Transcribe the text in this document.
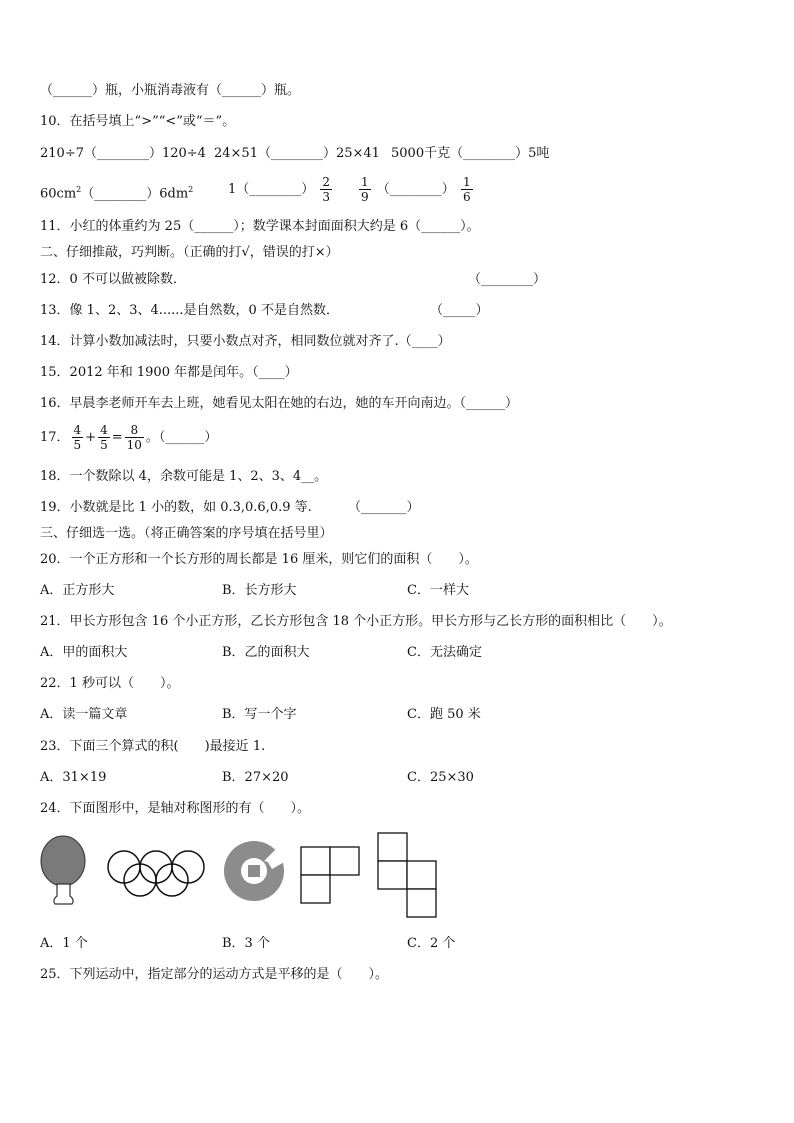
（______）瓶，小瓶消毒液有（______）瓶。
10．在括号填上“>”“<”或“＝”。
210÷7（________）120÷4 24×51（________）25×41 5000千克（________）5吨
$60cm^2(\_\_\_\_\_\_\_\_)6dm^2$	1（________） $\frac{2}{3} \frac{1}{9}$ （________） $\frac{1}{6}$
11．小红的体重约为 25（______）；数学课本封面面积大约是 6（______）。
二、仔细推敲，巧判断。（正确的打√，错误的打×）
12．0 不可以做被除数．	（________）
13．像 1、2、3、4......是自然数，0 不是自然数．	（_____）
14．计算小数加减法时，只要小数点对齐，相同数位就对齐了.（____）
15．2012 年和 1900 年都是闰年。（____）
16．早晨李老师开车去上班，她看见太阳在她的右边，她的车开向南边。（______）
17． $\frac{4}{5} + \frac{4}{5} = \frac{8}{10}$ 。（______）
18．一个数除以 4，余数可能是 1、2、3、4__。
19．小数就是比 1 小的数，如 0.3,0.6,0.9 等.	（_______）
三、仔细选一选。（将正确答案的序号填在括号里）
20．一个正方形和一个长方形的周长都是 16 厘米，则它们的面积（　　）。
A．正方形大	B．长方形大	C．一样大
21．甲长方形包含 16 个小正方形，乙长方形包含 18 个小正方形。甲长方形与乙长方形的面积相比（　　）。
A．甲的面积大	B．乙的面积大	C．无法确定
22．1 秒可以（　　）。
A．读一篇文章	B．写一个字	C．跑 50 米
23．下面三个算式的积(　　)最接近 1.
A．31×19	B．27×20	C．25×30
24．下面图形中，是轴对称图形的有（　　）。
A．1 个	B．3 个	C．2 个
25．下列运动中，指定部分的运动方式是平移的是（　　）。
